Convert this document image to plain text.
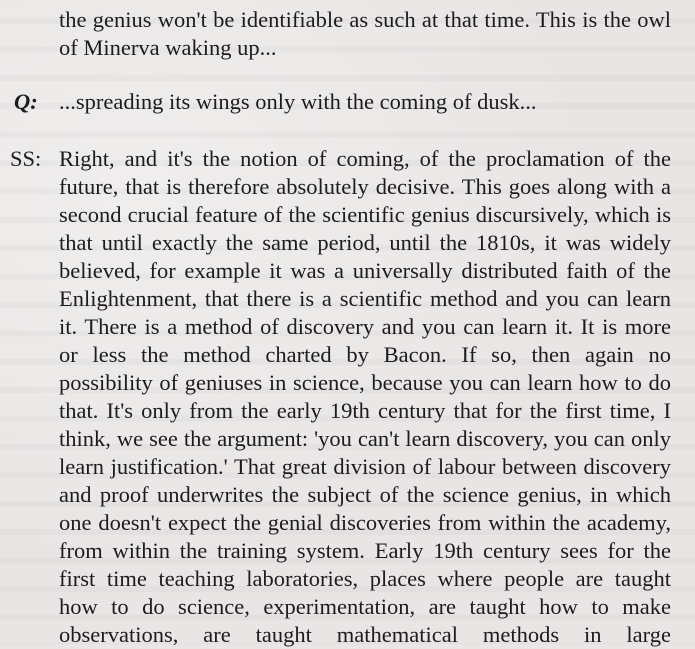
the genius won't be identifiable as such at that time. This is the owl
of Minerva waking up...
Q: ...spreading its wings only with the coming of dusk...
SS: Right, and it's the notion of coming, of the proclamation of the
future, that is therefore absolutely decisive. This goes along with a
second crucial feature of the scientific genius discursively, which is
that until exactly the same period, until the 1810s, it was widely
believed, for example it was a universally distributed faith of the
Enlightenment, that there is a scientific method and you can learn
it. There is a method of discovery and you can learn it. It is more
or less the method charted by Bacon. If so, then again no
possibility of geniuses in science, because you can learn how to do
that. It's only from the early 19th century that for the first time, I
think, we see the argument: 'you can't learn discovery, you can only
learn justification.' That great division of labour between discovery
and proof underwrites the subject of the science genius, in which
one doesn't expect the genial discoveries from within the academy,
from within the training system. Early 19th century sees for the
first time teaching laboratories, places where people are taught
how to do science, experimentation, are taught how to make
observations, are taught mathematical methods in large
